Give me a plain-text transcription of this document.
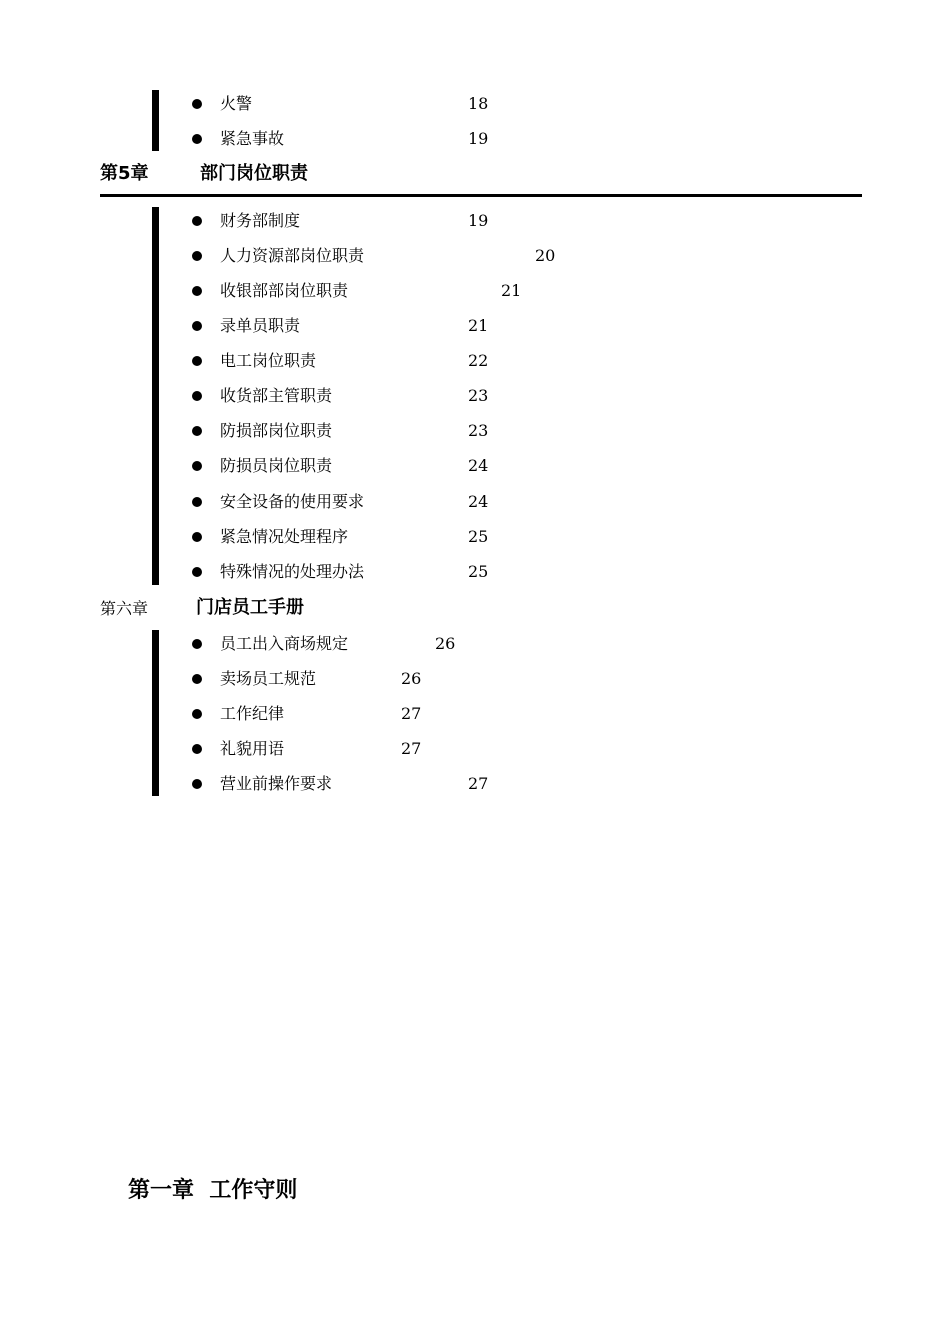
火警	18
紧急事故	19
第5章	部门岗位职责
财务部制度	19
人力资源部岗位职责	20
收银部部岗位职责	21
录单员职责	21
电工岗位职责	22
收货部主管职责	23
防损部岗位职责	23
防损员岗位职责	24
安全设备的使用要求	24
紧急情况处理程序	25
特殊情况的处理办法	25
第六章	门店员工手册
员工出入商场规定	26
卖场员工规范	26
工作纪律	27
礼貌用语	27
营业前操作要求	27
第一章  工作守则
